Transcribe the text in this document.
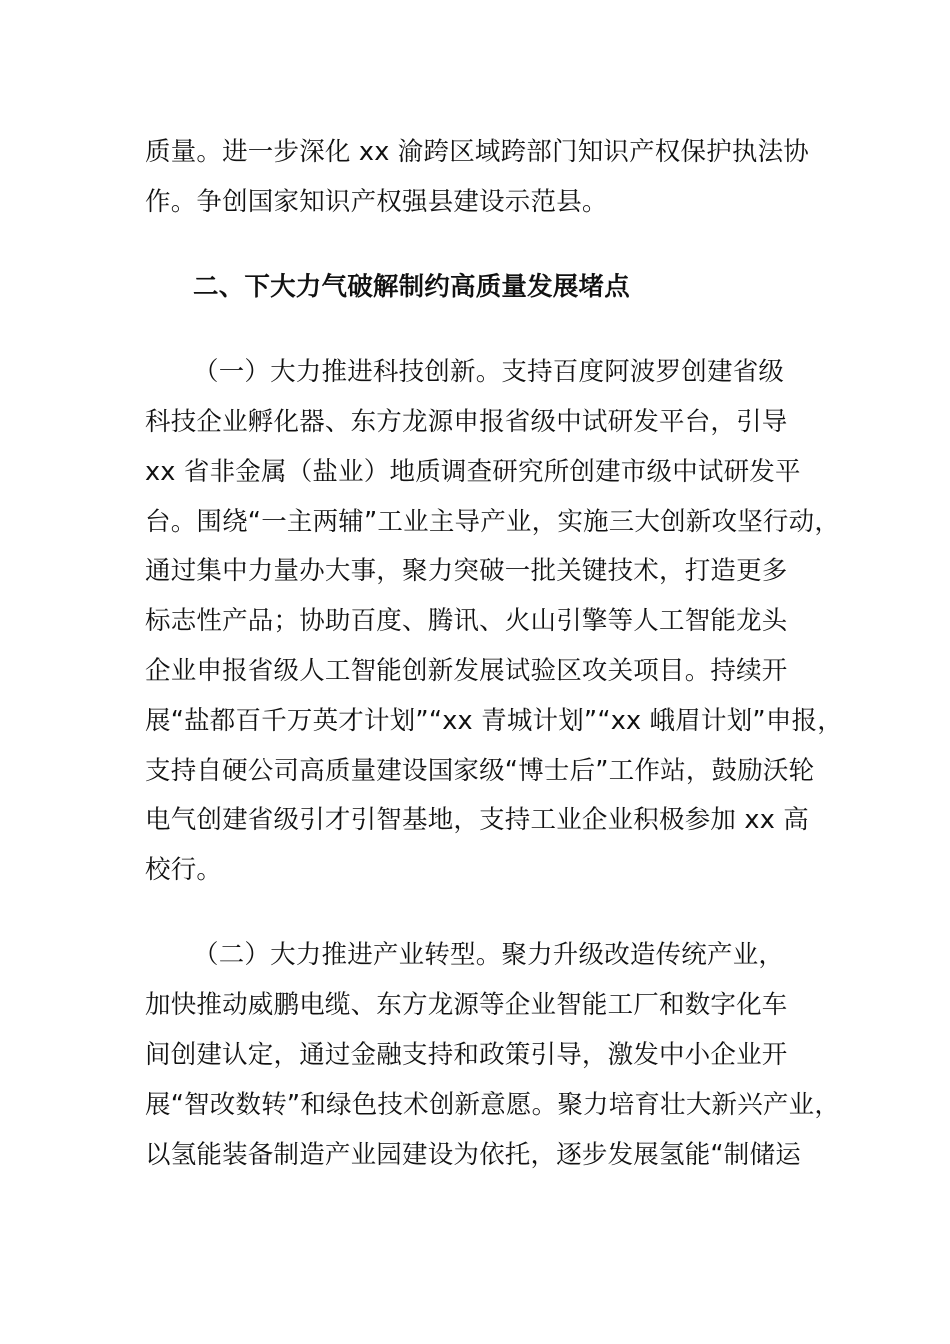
质量。进一步深化 xx 渝跨区域跨部门知识产权保护执法协
作。争创国家知识产权强县建设示范县。
二、下大力气破解制约高质量发展堵点
（一）大力推进科技创新。支持百度阿波罗创建省级
科技企业孵化器、东方龙源申报省级中试研发平台，引导
xx 省非金属（盐业）地质调查研究所创建市级中试研发平
台。围绕“一主两辅”工业主导产业，实施三大创新攻坚行动，
通过集中力量办大事，聚力突破一批关键技术，打造更多
标志性产品；协助百度、腾讯、火山引擎等人工智能龙头
企业申报省级人工智能创新发展试验区攻关项目。持续开
展“盐都百千万英才计划”“xx 青城计划”“xx 峨眉计划”申报，
支持自硬公司高质量建设国家级“博士后”工作站，鼓励沃轮
电气创建省级引才引智基地，支持工业企业积极参加 xx 高
校行。
（二）大力推进产业转型。聚力升级改造传统产业，
加快推动威鹏电缆、东方龙源等企业智能工厂和数字化车
间创建认定，通过金融支持和政策引导，激发中小企业开
展“智改数转”和绿色技术创新意愿。聚力培育壮大新兴产业，
以氢能装备制造产业园建设为依托，逐步发展氢能“制储运
